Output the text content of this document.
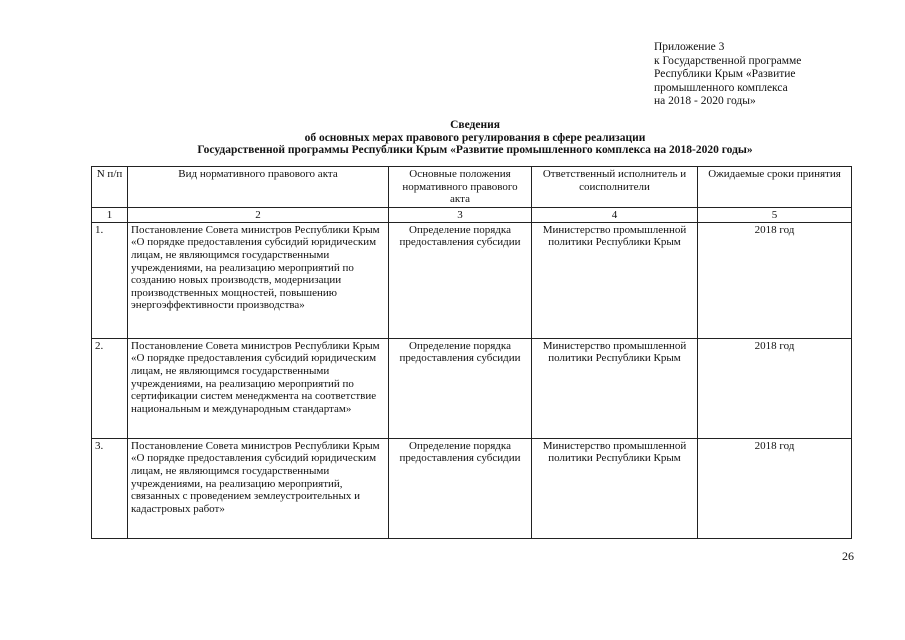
Приложение 3
к Государственной программе
Республики Крым «Развитие
промышленного комплекса
на 2018 - 2020 годы»
Сведения
об основных мерах правового регулирования в сфере реализации
Государственной программы Республики Крым «Развитие промышленного комплекса на 2018-2020 годы»
N п/п	Вид нормативного правового акта	Основные положения нормативного правового акта	Ответственный исполнитель и соисполнители	Ожидаемые сроки принятия
1	2	3	4	5
1.	Постановление Совета министров Республики Крым «О порядке предоставления субсидий юридическим лицам, не являющимся государственными учреждениями, на реализацию мероприятий по созданию новых производств, модернизации производственных мощностей, повышению энергоэффективности производства»	Определение порядка предоставления субсидии	Министерство промышленной политики Республики Крым	2018 год
2.	Постановление Совета министров Республики Крым «О порядке предоставления субсидий юридическим лицам, не являющимся государственными учреждениями, на реализацию мероприятий по сертификации систем менеджмента на соответствие национальным и международным стандартам»	Определение порядка предоставления субсидии	Министерство промышленной политики Республики Крым	2018 год
3.	Постановление Совета министров Республики Крым «О порядке предоставления субсидий юридическим лицам, не являющимся государственными учреждениями, на реализацию мероприятий, связанных с проведением землеустроительных и кадастровых работ»	Определение порядка предоставления субсидии	Министерство промышленной политики Республики Крым	2018 год
26
